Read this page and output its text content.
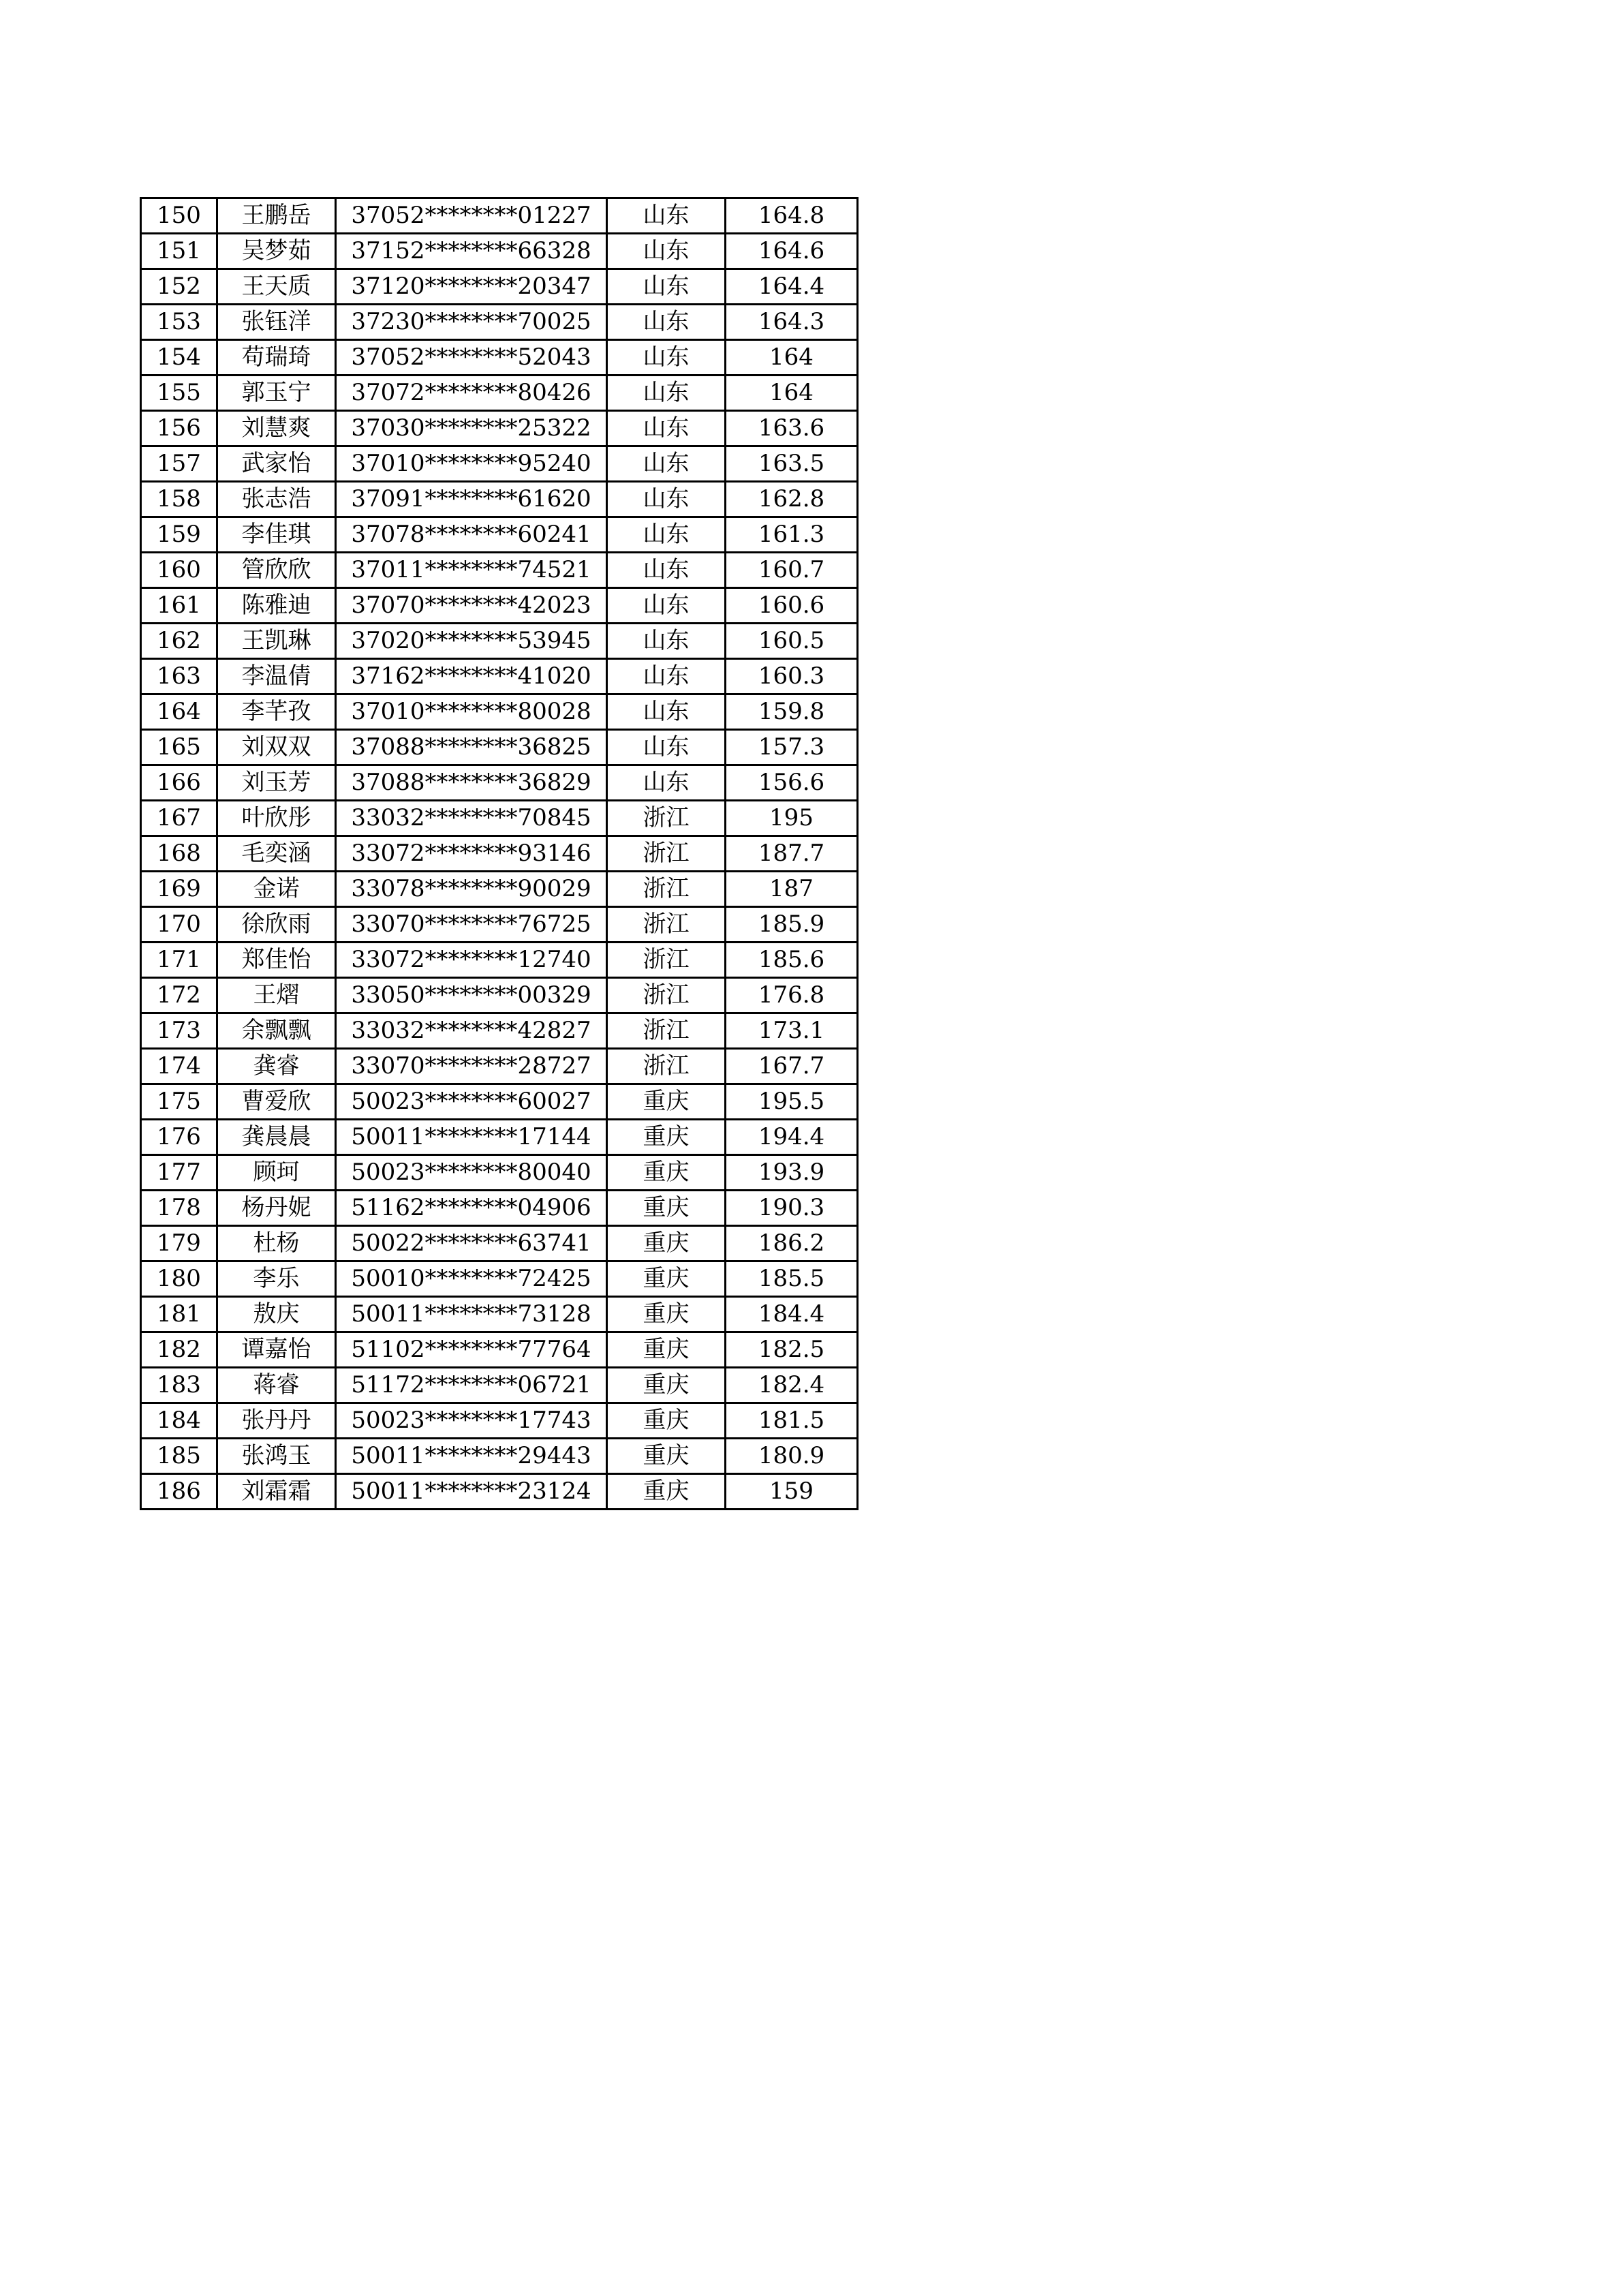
150	王鹏岳	37052********01227	山东	164.8
151	吴梦茹	37152********66328	山东	164.6
152	王天质	37120********20347	山东	164.4
153	张钰洋	37230********70025	山东	164.3
154	苟瑞琦	37052********52043	山东	164
155	郭玉宁	37072********80426	山东	164
156	刘慧爽	37030********25322	山东	163.6
157	武家怡	37010********95240	山东	163.5
158	张志浩	37091********61620	山东	162.8
159	李佳琪	37078********60241	山东	161.3
160	管欣欣	37011********74521	山东	160.7
161	陈雅迪	37070********42023	山东	160.6
162	王凯琳	37020********53945	山东	160.5
163	李温倩	37162********41020	山东	160.3
164	李芊孜	37010********80028	山东	159.8
165	刘双双	37088********36825	山东	157.3
166	刘玉芳	37088********36829	山东	156.6
167	叶欣彤	33032********70845	浙江	195
168	毛奕涵	33072********93146	浙江	187.7
169	金诺	33078********90029	浙江	187
170	徐欣雨	33070********76725	浙江	185.9
171	郑佳怡	33072********12740	浙江	185.6
172	王熠	33050********00329	浙江	176.8
173	余飘飘	33032********42827	浙江	173.1
174	龚睿	33070********28727	浙江	167.7
175	曹爱欣	50023********60027	重庆	195.5
176	龚晨晨	50011********17144	重庆	194.4
177	顾珂	50023********80040	重庆	193.9
178	杨丹妮	51162********04906	重庆	190.3
179	杜杨	50022********63741	重庆	186.2
180	李乐	50010********72425	重庆	185.5
181	敖庆	50011********73128	重庆	184.4
182	谭嘉怡	51102********77764	重庆	182.5
183	蒋睿	51172********06721	重庆	182.4
184	张丹丹	50023********17743	重庆	181.5
185	张鸿玉	50011********29443	重庆	180.9
186	刘霜霜	50011********23124	重庆	159
